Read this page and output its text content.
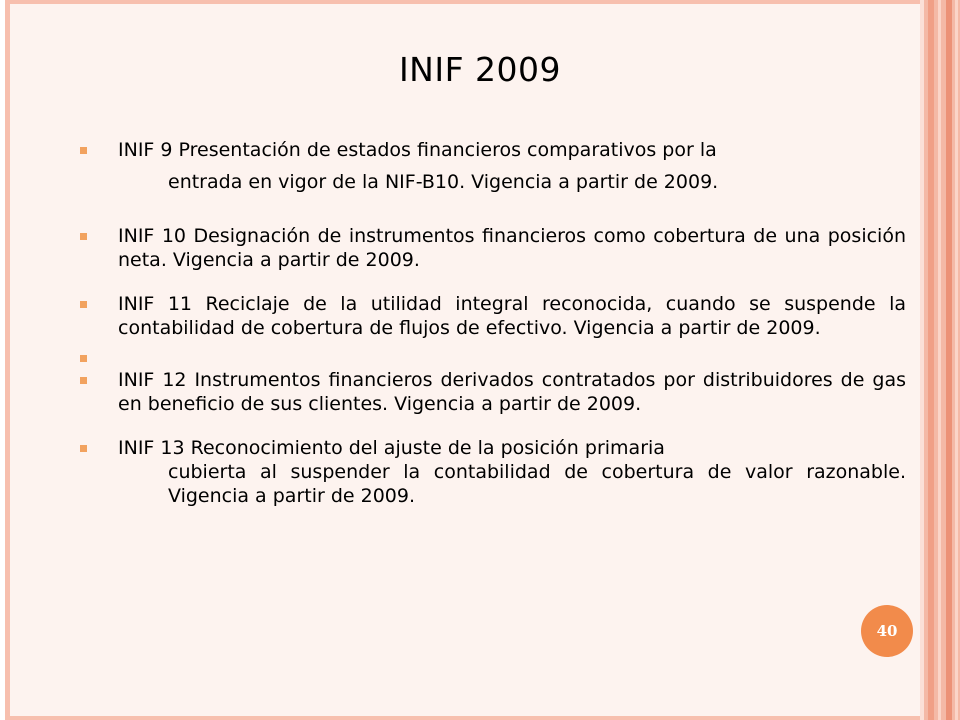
INIF 2009
INIF 9 Presentación de estados financieros comparativos por la
entrada en vigor de la NIF-B10. Vigencia a partir de 2009.
INIF 10 Designación de instrumentos financieros como cobertura de una posición neta. Vigencia a partir de 2009.
INIF 11 Reciclaje de la utilidad integral reconocida, cuando se suspende la contabilidad de cobertura de flujos de efectivo. Vigencia a partir de 2009.
INIF 12 Instrumentos financieros derivados contratados por distribuidores de gas en beneficio de sus clientes. Vigencia a partir de 2009.
INIF 13 Reconocimiento del ajuste de la posición primaria
cubierta al suspender la contabilidad de cobertura de valor razonable. Vigencia a partir de 2009.
40
